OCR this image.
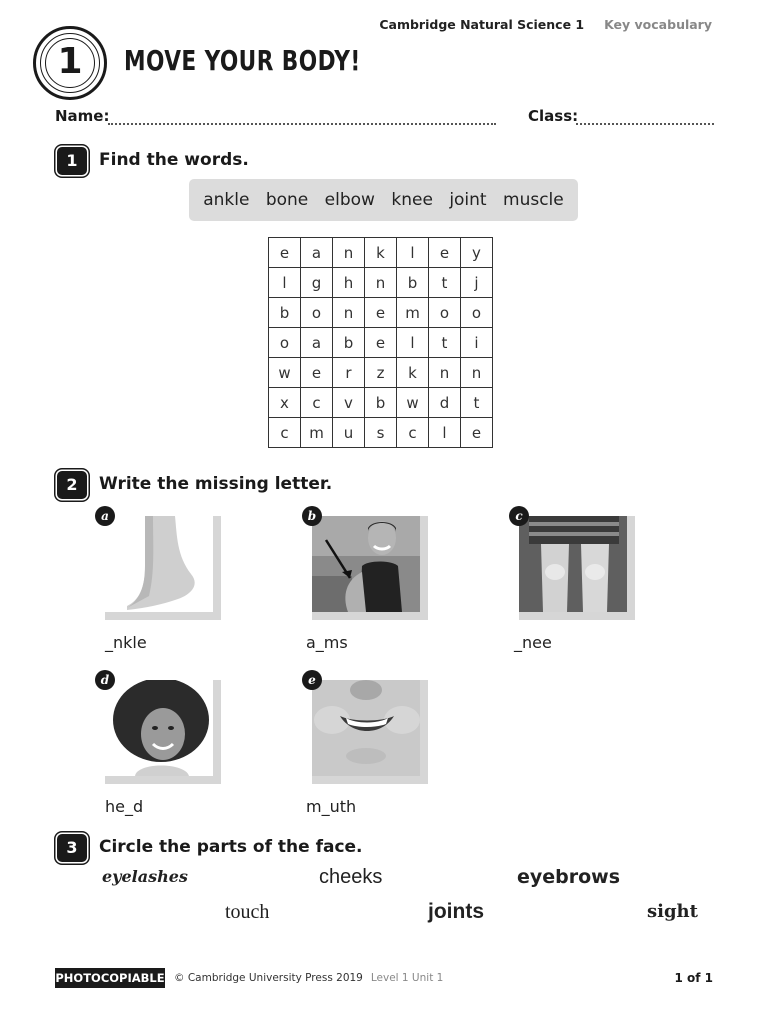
Cambridge Natural Science 1 Key vocabulary
1	MOVE YOUR BODY!
Name:	Class:
1	Find the words.
ankle bone elbow knee joint muscle
e	a	n	k	l	e	y
l	g	h	n	b	t	j
b	o	n	e	m	o	o
o	a	b	e	l	t	i
w	e	r	z	k	n	n
x	c	v	b	w	d	t
c	m	u	s	c	l	e
2	Write the missing letter.
a
_nkle
b
a_ms
c
_nee
d
he_d
e
m_uth
3	Circle the parts of the face.
eyelashes	cheeks	eyebrows
touch	joints	sight
PHOTOCOPIABLE © Cambridge University Press 2019 Level 1 Unit 1	1 of 1
